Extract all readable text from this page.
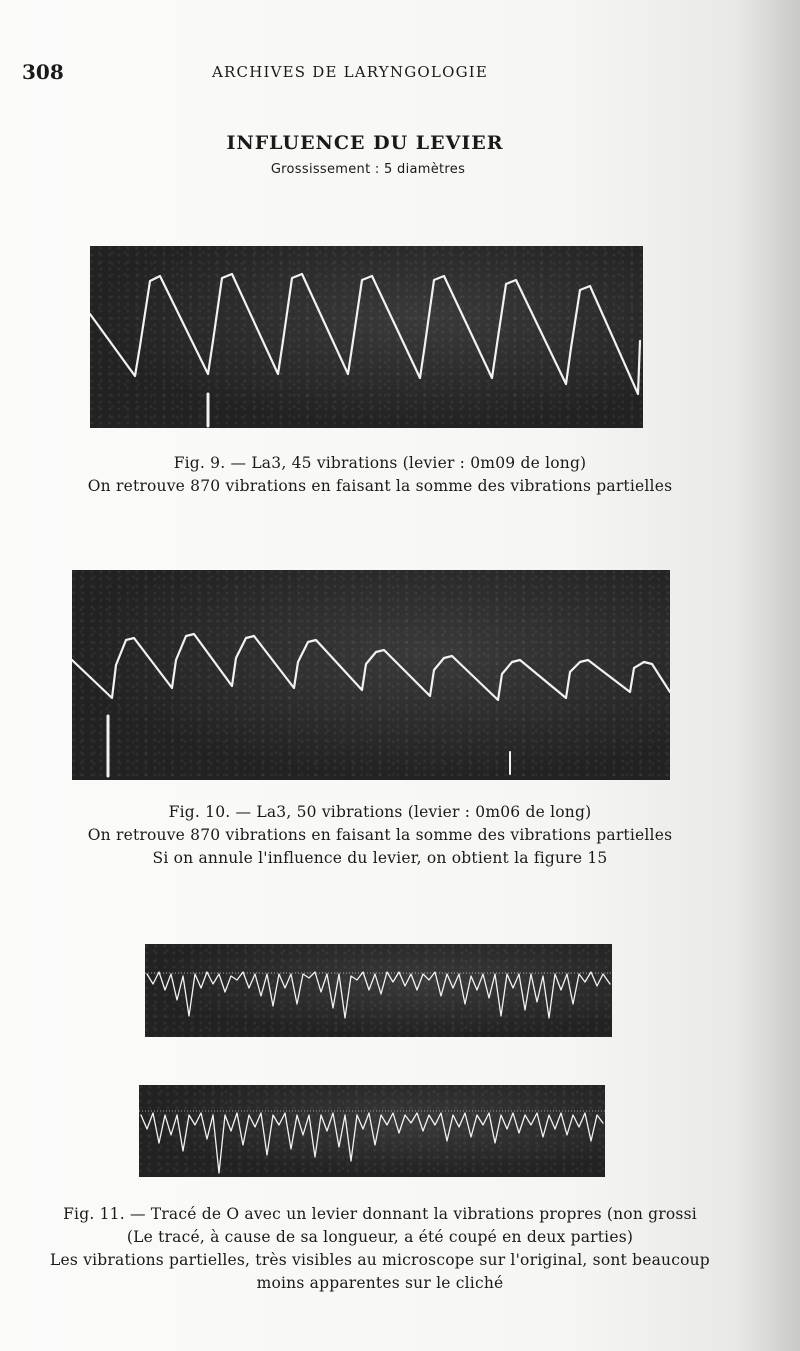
308	ARCHIVES DE LARYNGOLOGIE
INFLUENCE DU LEVIER
Grossissement : 5 diamètres
Fig. 9. — La3, 45 vibrations (levier : 0m09 de long)
On retrouve 870 vibrations en faisant la somme des vibrations partielles
Fig. 10. — La3, 50 vibrations (levier : 0m06 de long)
On retrouve 870 vibrations en faisant la somme des vibrations partielles
Si on annule l'influence du levier, on obtient la figure 15
Fig. 11. — Tracé de O avec un levier donnant la vibrations propres (non grossi
(Le tracé, à cause de sa longueur, a été coupé en deux parties)
Les vibrations partielles, très visibles au microscope sur l'original, sont beaucoup
moins apparentes sur le cliché
